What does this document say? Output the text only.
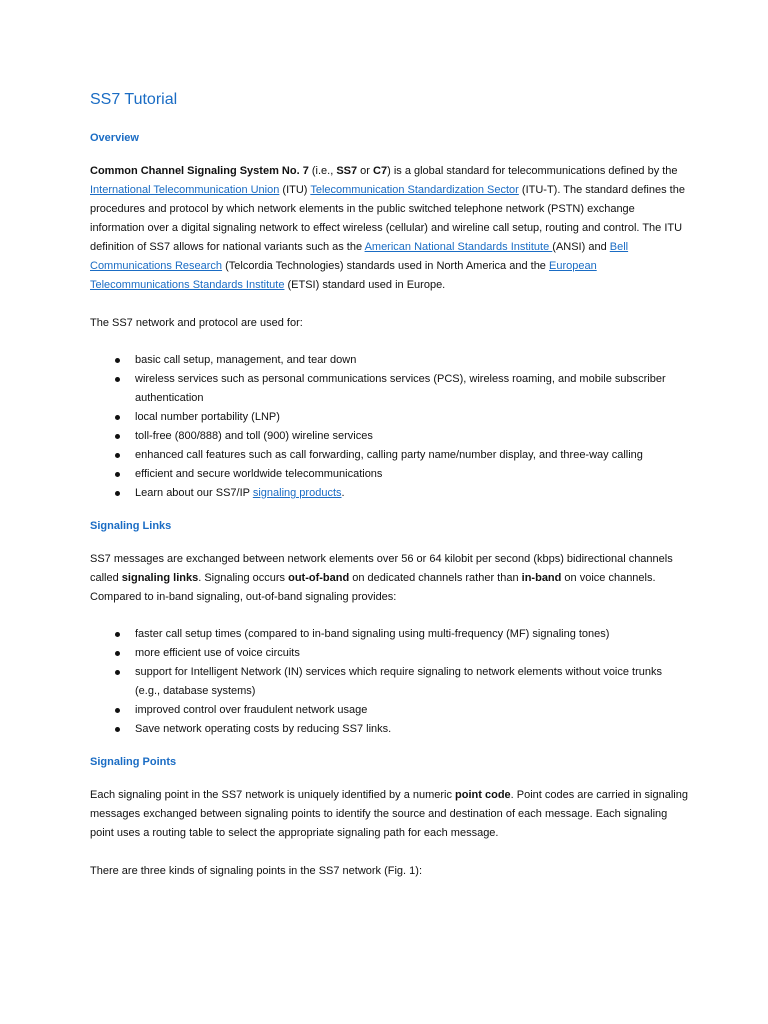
SS7 Tutorial
Overview

Common Channel Signaling System No. 7 (i.e., SS7 or C7) is a global standard for telecommunications defined by the International Telecommunication Union (ITU) Telecommunication Standardization Sector (ITU-T). The standard defines the procedures and protocol by which network elements in the public switched telephone network (PSTN) exchange information over a digital signaling network to effect wireless (cellular) and wireline call setup, routing and control. The ITU definition of SS7 allows for national variants such as the American National Standards Institute (ANSI) and Bell Communications Research (Telcordia Technologies) standards used in North America and the European Telecommunications Standards Institute (ETSI) standard used in Europe.

The SS7 network and protocol are used for:

basic call setup, management, and tear down
wireless services such as personal communications services (PCS), wireless roaming, and mobile subscriber authentication
local number portability (LNP)
toll-free (800/888) and toll (900) wireline services
enhanced call features such as call forwarding, calling party name/number display, and three-way calling
efficient and secure worldwide telecommunications
Learn about our SS7/IP signaling products.
Signaling Links

SS7 messages are exchanged between network elements over 56 or 64 kilobit per second (kbps) bidirectional channels called signaling links. Signaling occurs out-of-band on dedicated channels rather than in-band on voice channels. Compared to in-band signaling, out-of-band signaling provides:

faster call setup times (compared to in-band signaling using multi-frequency (MF) signaling tones)
more efficient use of voice circuits
support for Intelligent Network (IN) services which require signaling to network elements without voice trunks (e.g., database systems)
improved control over fraudulent network usage
Save network operating costs by reducing SS7 links.
Signaling Points

Each signaling point in the SS7 network is uniquely identified by a numeric point code. Point codes are carried in signaling messages exchanged between signaling points to identify the source and destination of each message. Each signaling point uses a routing table to select the appropriate signaling path for each message.

There are three kinds of signaling points in the SS7 network (Fig. 1):
